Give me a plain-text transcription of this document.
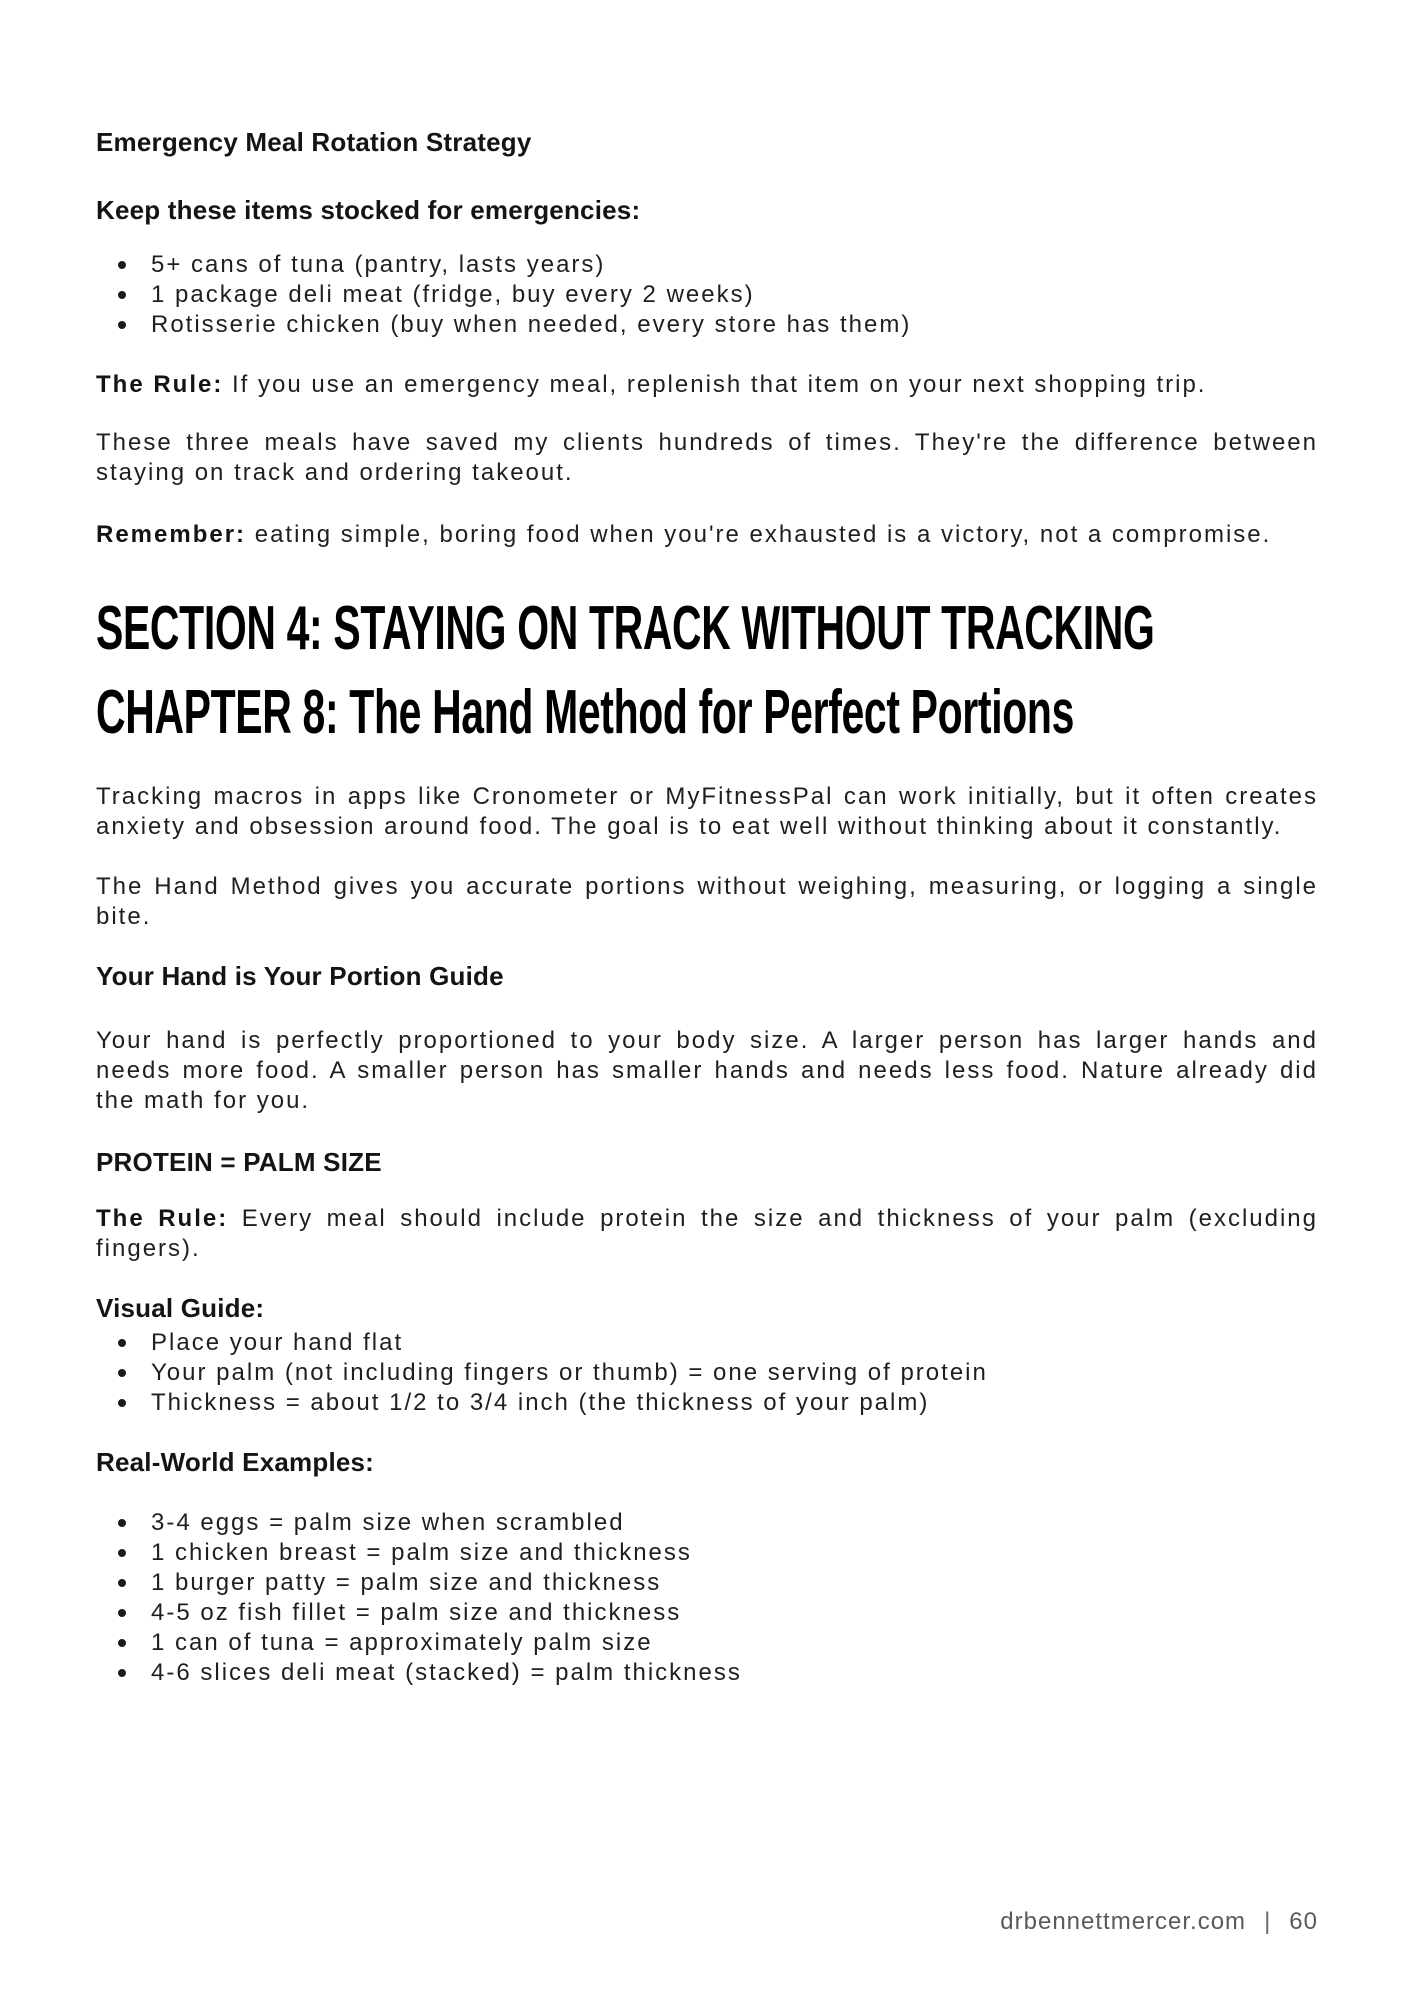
Emergency Meal Rotation Strategy
Keep these items stocked for emergencies:
5+ cans of tuna (pantry, lasts years)
1 package deli meat (fridge, buy every 2 weeks)
Rotisserie chicken (buy when needed, every store has them)

The Rule: If you use an emergency meal, replenish that item on your next shopping trip.

These three meals have saved my clients hundreds of times. They're the difference between staying on track and ordering takeout.

Remember: eating simple, boring food when you're exhausted is a victory, not a compromise.

SECTION 4: STAYING ON TRACK WITHOUT TRACKING
CHAPTER 8: The Hand Method for Perfect Portions

Tracking macros in apps like Cronometer or MyFitnessPal can work initially, but it often creates anxiety and obsession around food. The goal is to eat well without thinking about it constantly.

The Hand Method gives you accurate portions without weighing, measuring, or logging a single bite.

Your Hand is Your Portion Guide

Your hand is perfectly proportioned to your body size. A larger person has larger hands and needs more food. A smaller person has smaller hands and needs less food. Nature already did the math for you.

PROTEIN = PALM SIZE

The Rule: Every meal should include protein the size and thickness of your palm (excluding fingers).

Visual Guide:
Place your hand flat
Your palm (not including fingers or thumb) = one serving of protein
Thickness = about 1/2 to 3/4 inch (the thickness of your palm)
Real-World Examples:
3-4 eggs = palm size when scrambled
1 chicken breast = palm size and thickness
1 burger patty = palm size and thickness
4-5 oz fish fillet = palm size and thickness
1 can of tuna = approximately palm size
4-6 slices deli meat (stacked) = palm thickness
drbennettmercer.com | 60
